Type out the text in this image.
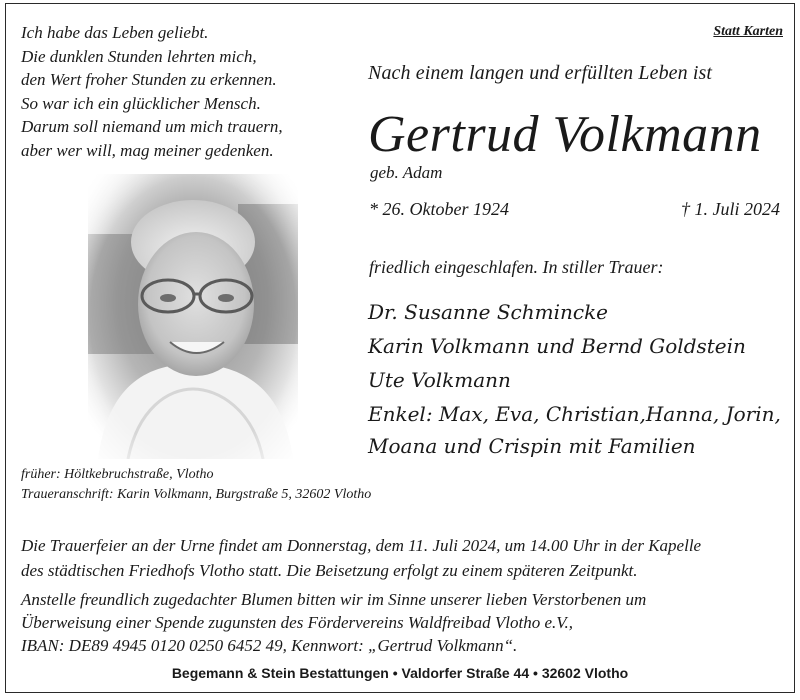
Ich habe das Leben geliebt.
Die dunklen Stunden lehrten mich,
den Wert froher Stunden zu erkennen.
So war ich ein glücklicher Mensch.
Darum soll niemand um mich trauern,
aber wer will, mag meiner gedenken.
Statt Karten
Nach einem langen und erfüllten Leben ist
Gertrud Volkmann
geb. Adam
* 26. Oktober 1924	† 1. Juli 2024
friedlich eingeschlafen. In stiller Trauer:
Dr. Susanne Schmincke
Karin Volkmann und Bernd Goldstein
Ute Volkmann
Enkel: Max, Eva, Christian,Hanna, Jorin,
Moana und Crispin mit Familien
früher: Höltkebruchstraße, Vlotho
Traueranschrift: Karin Volkmann, Burgstraße 5, 32602 Vlotho
Die Trauerfeier an der Urne findet am Donnerstag, dem 11. Juli 2024, um 14.00 Uhr in der Kapelle
des städtischen Friedhofs Vlotho statt. Die Beisetzung erfolgt zu einem späteren Zeitpunkt.
Anstelle freundlich zugedachter Blumen bitten wir im Sinne unserer lieben Verstorbenen um
Überweisung einer Spende zugunsten des Fördervereins Waldfreibad Vlotho e.V.,
IBAN: DE89 4945 0120 0250 6452 49, Kennwort: „Gertrud Volkmann“.
Begemann & Stein Bestattungen • Valdorfer Straße 44 • 32602 Vlotho
